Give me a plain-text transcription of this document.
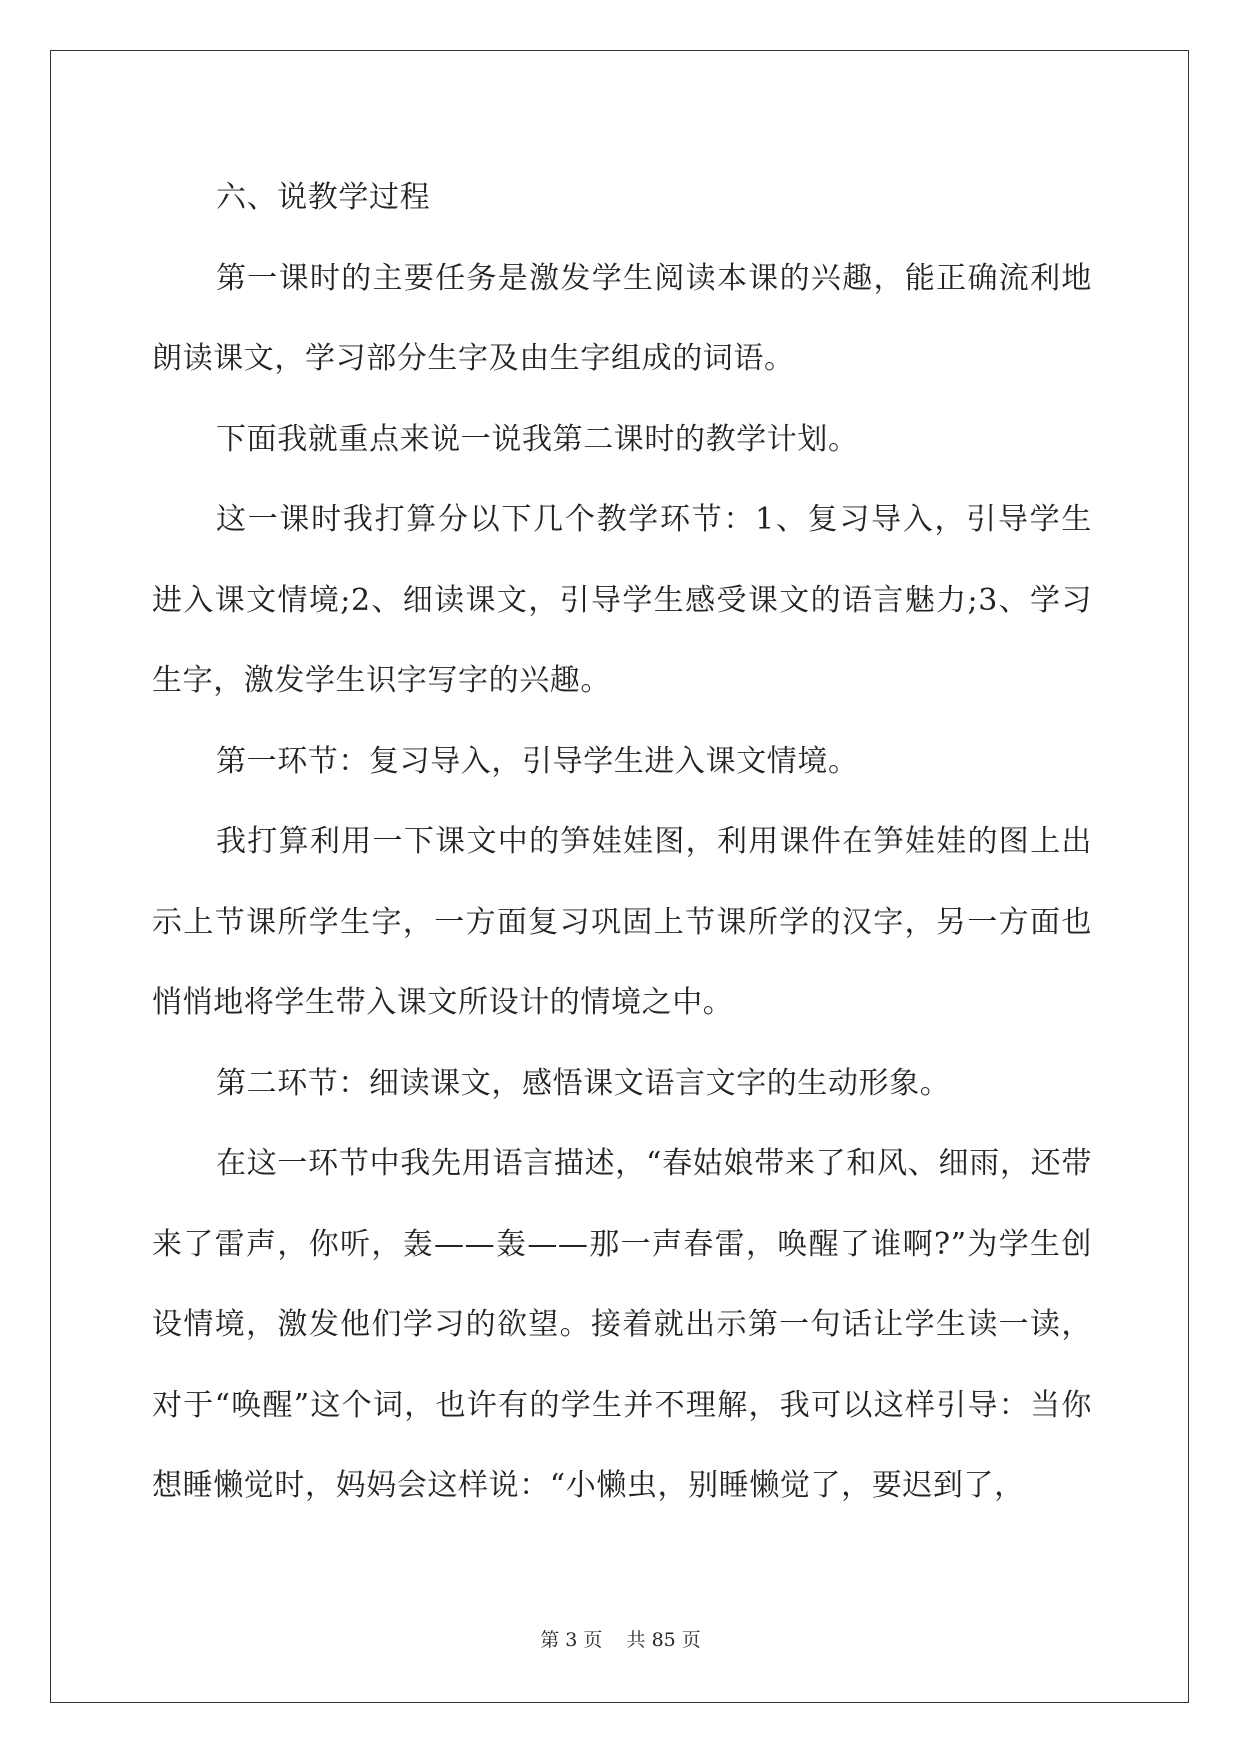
六、说教学过程

第一课时的主要任务是激发学生阅读本课的兴趣，能正确流利地朗读课文，学习部分生字及由生字组成的词语。

下面我就重点来说一说我第二课时的教学计划。

这一课时我打算分以下几个教学环节：1、复习导入，引导学生进入课文情境;2、细读课文，引导学生感受课文的语言魅力;3、学习生字，激发学生识字写字的兴趣。

第一环节：复习导入，引导学生进入课文情境。

我打算利用一下课文中的笋娃娃图，利用课件在笋娃娃的图上出示上节课所学生字，一方面复习巩固上节课所学的汉字，另一方面也悄悄地将学生带入课文所设计的情境之中。

第二环节：细读课文，感悟课文语言文字的生动形象。

在这一环节中我先用语言描述，“春姑娘带来了和风、细雨，还带来了雷声，你听，轰——轰——那一声春雷，唤醒了谁啊?”为学生创设情境，激发他们学习的欲望。接着就出示第一句话让学生读一读，对于“唤醒”这个词，也许有的学生并不理解，我可以这样引导：当你想睡懒觉时，妈妈会这样说：“小懒虫，别睡懒觉了，要迟到了，

第 3 页    共 85 页
